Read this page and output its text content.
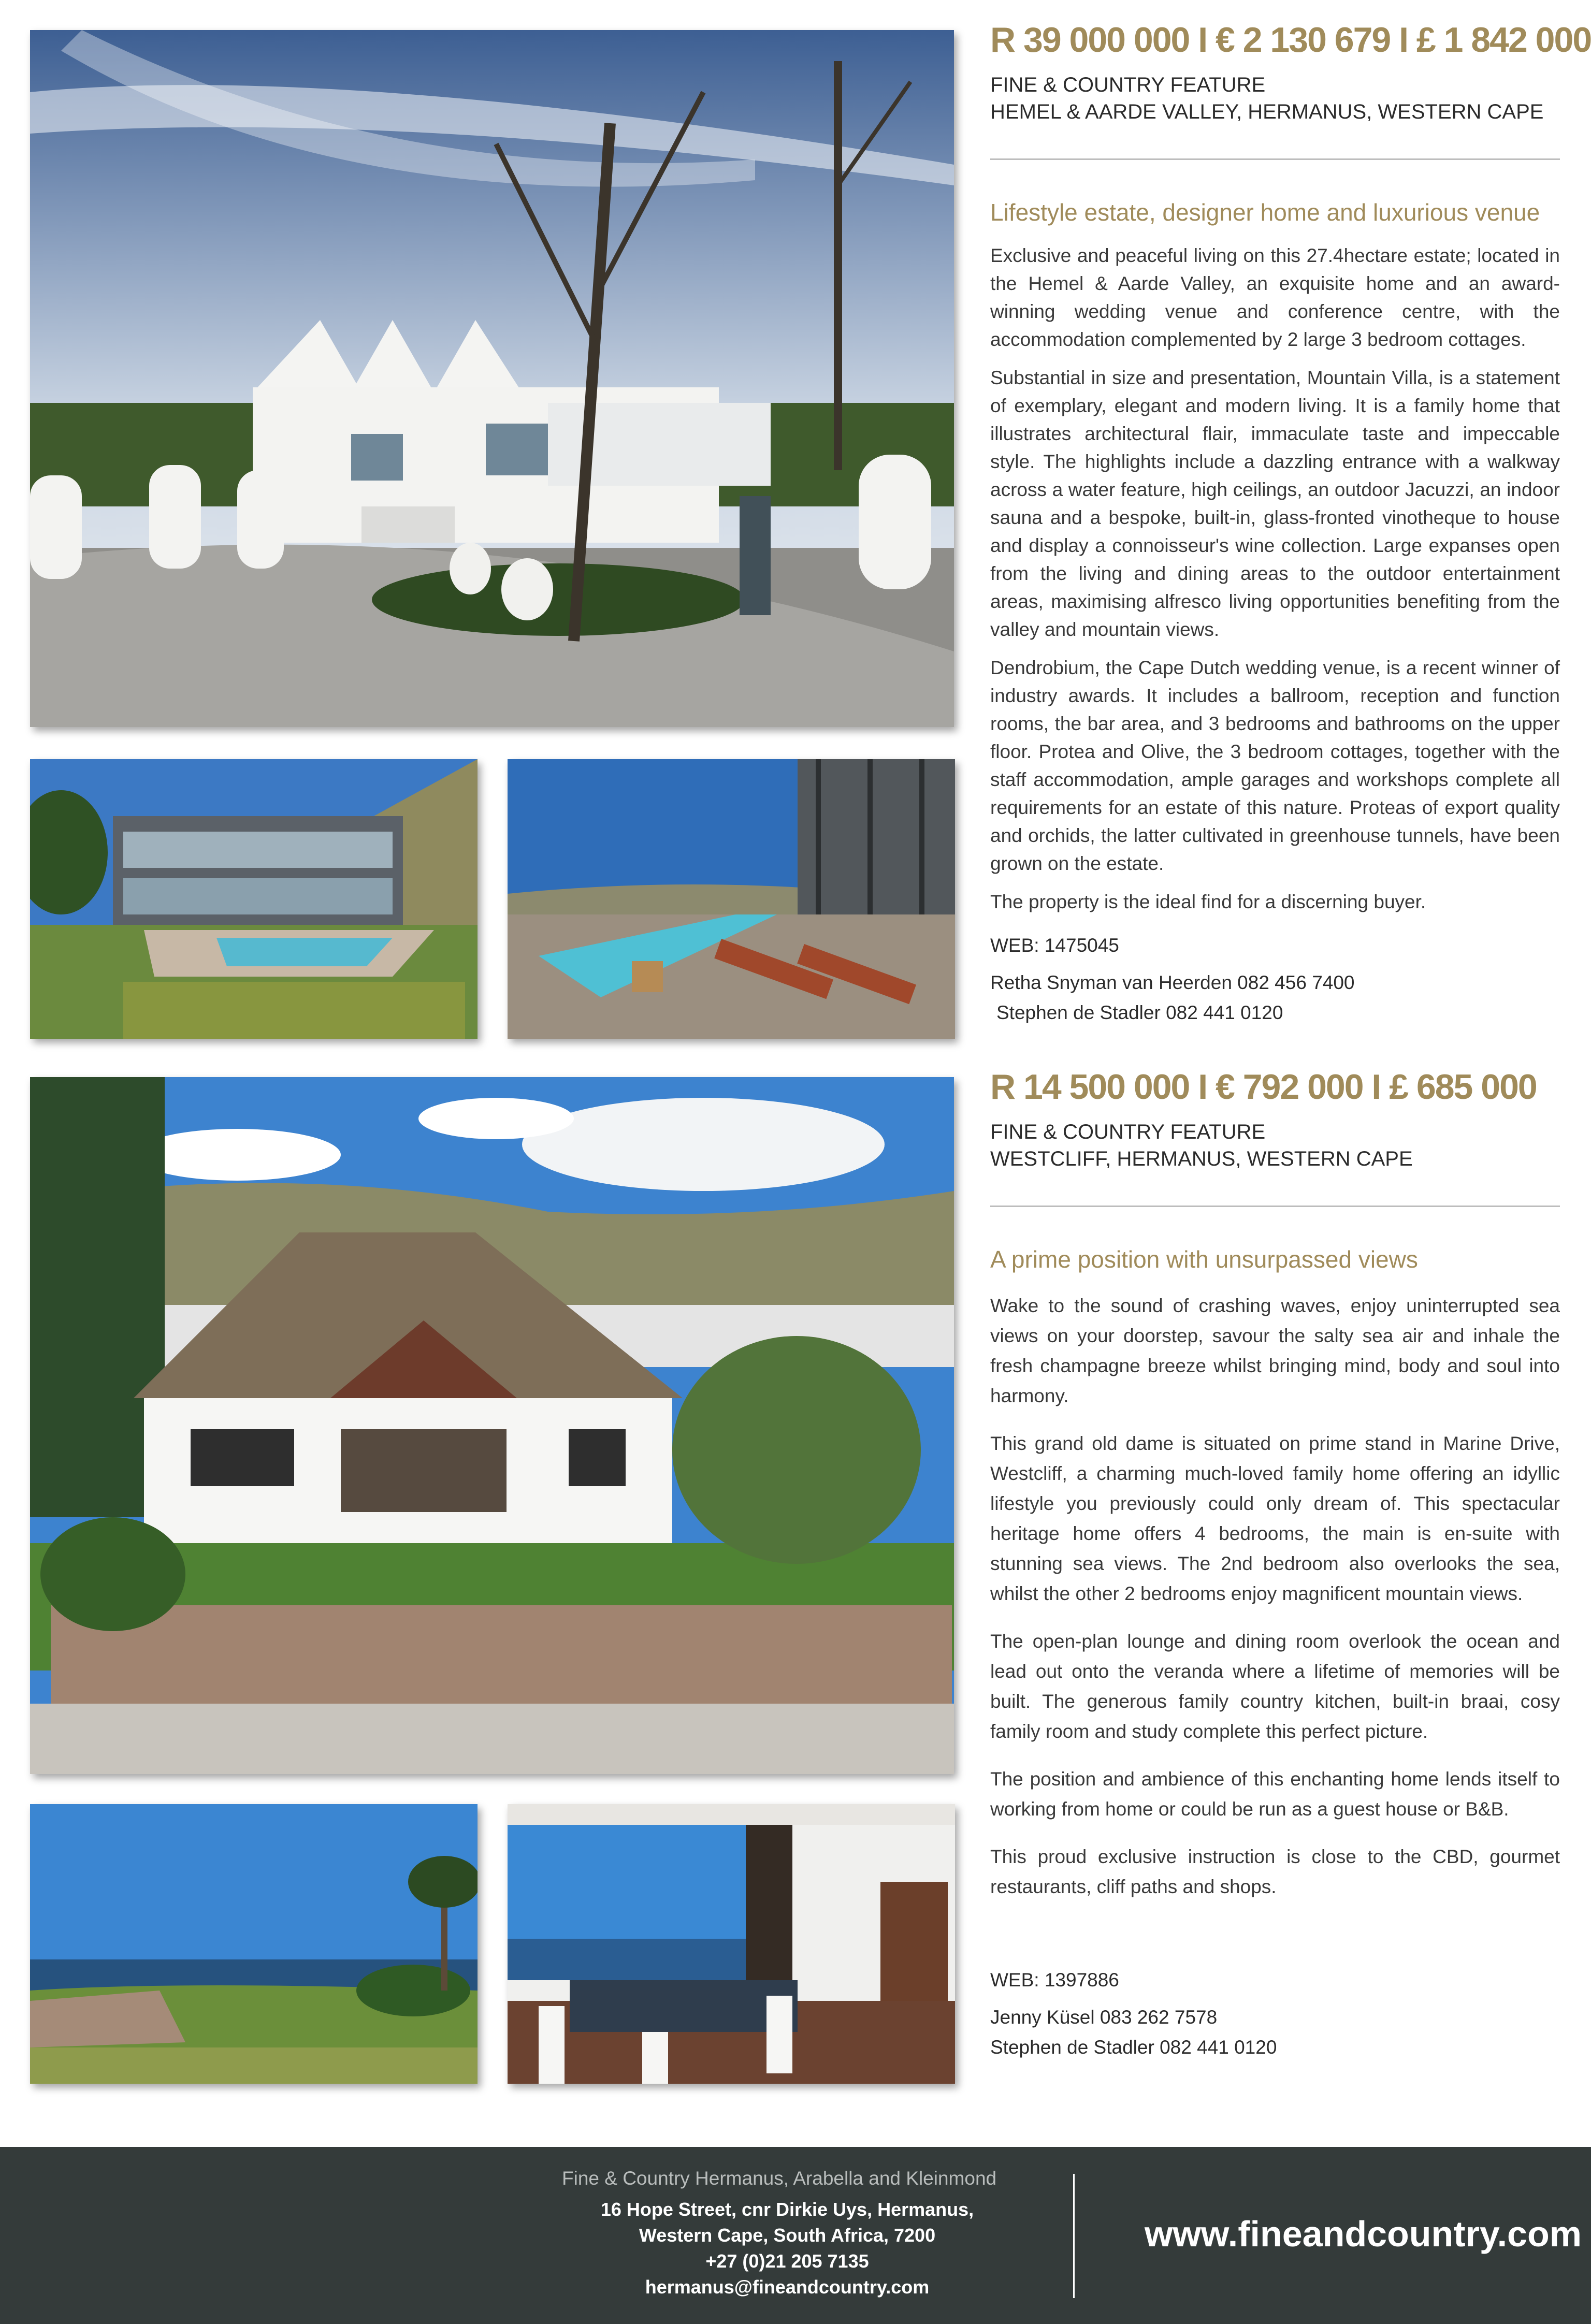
R 39 000 000 I € 2 130 679 I £ 1 842 000
FINE & COUNTRY FEATURE
HEMEL & AARDE VALLEY, HERMANUS, WESTERN CAPE
Lifestyle estate, designer home and luxurious venue

Exclusive and peaceful living on this 27.4hectare estate; located in the Hemel & Aarde Valley, an exquisite home and an award-winning wedding venue and conference centre, with the accommodation complemented by 2 large 3 bedroom cottages.

Substantial in size and presentation, Mountain Villa, is a statement of exemplary, elegant and modern living. It is a family home that illustrates architectural flair, immaculate taste and impeccable style. The highlights include a dazzling entrance with a walkway across a water feature, high ceilings, an outdoor Jacuzzi, an indoor sauna and a bespoke, built-in, glass-fronted vinotheque to house and display a connoisseur's wine collection. Large expanses open from the living and dining areas to the outdoor entertainment areas, maximising alfresco living opportunities benefiting from the valley and mountain views.

Dendrobium, the Cape Dutch wedding venue, is a recent winner of industry awards. It includes a ballroom, reception and function rooms, the bar area, and 3 bedrooms and bathrooms on the upper floor. Protea and Olive, the 3 bedroom cottages, together with the staff accommodation, ample garages and workshops complete all requirements for an estate of this nature. Proteas of export quality and orchids, the latter cultivated in greenhouse tunnels, have been grown on the estate.

The property is the ideal find for a discerning buyer.

WEB: 1475045
Retha Snyman van Heerden 082 456 7400
Stephen de Stadler 082 441 0120
R 14 500 000 I € 792 000 I £ 685 000
FINE & COUNTRY FEATURE
WESTCLIFF, HERMANUS, WESTERN CAPE
A prime position with unsurpassed views

Wake to the sound of crashing waves, enjoy uninterrupted sea views on your doorstep, savour the salty sea air and inhale the fresh champagne breeze whilst bringing mind, body and soul into harmony.

This grand old dame is situated on prime stand in Marine Drive, Westcliff, a charming much-loved family home offering an idyllic lifestyle you previously could only dream of. This spectacular heritage home offers 4 bedrooms, the main is en-suite with stunning sea views. The 2nd bedroom also overlooks the sea, whilst the other 2 bedrooms enjoy magnificent mountain views.

The open-plan lounge and dining room overlook the ocean and lead out onto the veranda where a lifetime of memories will be built. The generous family country kitchen, built-in braai, cosy family room and study complete this perfect picture.

The position and ambience of this enchanting home lends itself to working from home or could be run as a guest house or B&B.

This proud exclusive instruction is close to the CBD, gourmet restaurants, cliff paths and shops.

WEB: 1397886
Jenny Küsel 083 262 7578
Stephen de Stadler 082 441 0120
Fine & Country Hermanus, Arabella and Kleinmond
16 Hope Street, cnr Dirkie Uys, Hermanus,
Western Cape, South Africa, 7200
+27 (0)21 205 7135
hermanus@fineandcountry.com
www.fineandcountry.com
